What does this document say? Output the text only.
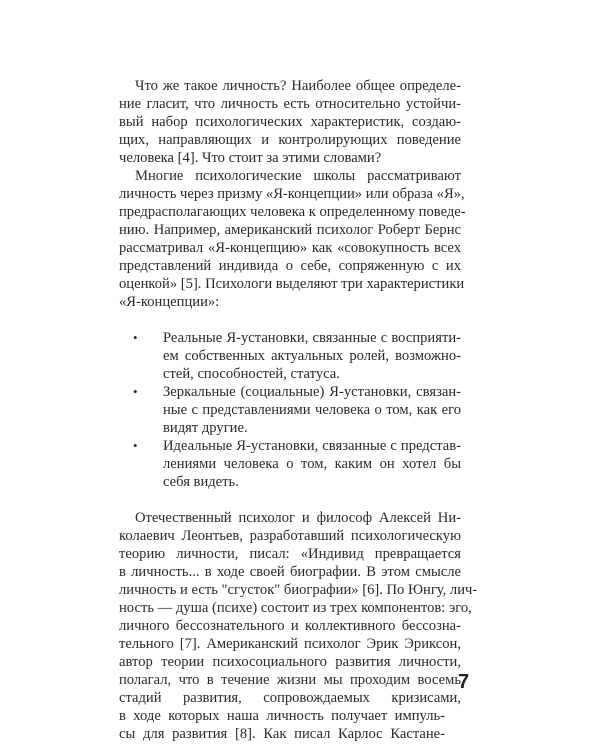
Что же такое личность? Наиболее общее определе-
ние гласит, что личность есть относительно устойчи-
вый набор психологических характеристик, создаю-
щих, направляющих и контролирующих поведение
человека [4]. Что стоит за этими словами?
Многие психологические школы рассматривают
личность через призму «Я-концепции» или образа «Я»,
предрасполагающих человека к определенному поведе-
нию. Например, американский психолог Роберт Бернс
рассматривал «Я-концепцию» как «совокупность всех
представлений индивида о себе, сопряженную с их
оценкой» [5]. Психологи выделяют три характеристики
«Я-концепции»:
• Реальные Я-установки, связанные с восприяти-
ем собственных актуальных ролей, возможно-
стей, способностей, статуса.
• Зеркальные (социальные) Я-установки, связан-
ные с представлениями человека о том, как его
видят другие.
• Идеальные Я-установки, связанные с представ-
лениями человека о том, каким он хотел бы
себя видеть.
Отечественный психолог и философ Алексей Ни-
колаевич Леонтьев, разработавший психологическую
теорию личности, писал: «Индивид превращается
в личность... в ходе своей биографии. В этом смысле
личность и есть "сгусток" биографии» [6]. По Юнгу, лич-
ность — душа (психе) состоит из трех компонентов: эго,
личного бессознательного и коллективного бессозна-
тельного [7]. Американский психолог Эрик Эриксон,
автор теории психосоциального развития личности,
полагал, что в течение жизни мы проходим восемь
стадий развития, сопровождаемых кризисами,
в ходе которых наша личность получает импуль-
сы для развития [8]. Как писал Карлос Кастане-
7
